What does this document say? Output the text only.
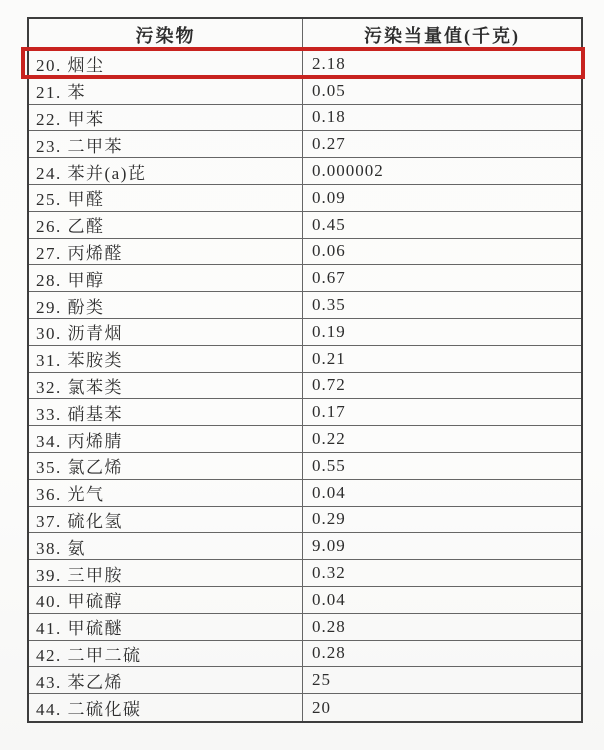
污染物	污染当量值(千克)
20. 烟尘	2.18
21. 苯	0.05
22. 甲苯	0.18
23. 二甲苯	0.27
24. 苯并(a)芘	0.000002
25. 甲醛	0.09
26. 乙醛	0.45
27. 丙烯醛	0.06
28. 甲醇	0.67
29. 酚类	0.35
30. 沥青烟	0.19
31. 苯胺类	0.21
32. 氯苯类	0.72
33. 硝基苯	0.17
34. 丙烯腈	0.22
35. 氯乙烯	0.55
36. 光气	0.04
37. 硫化氢	0.29
38. 氨	9.09
39. 三甲胺	0.32
40. 甲硫醇	0.04
41. 甲硫醚	0.28
42. 二甲二硫	0.28
43. 苯乙烯	25
44. 二硫化碳	20
